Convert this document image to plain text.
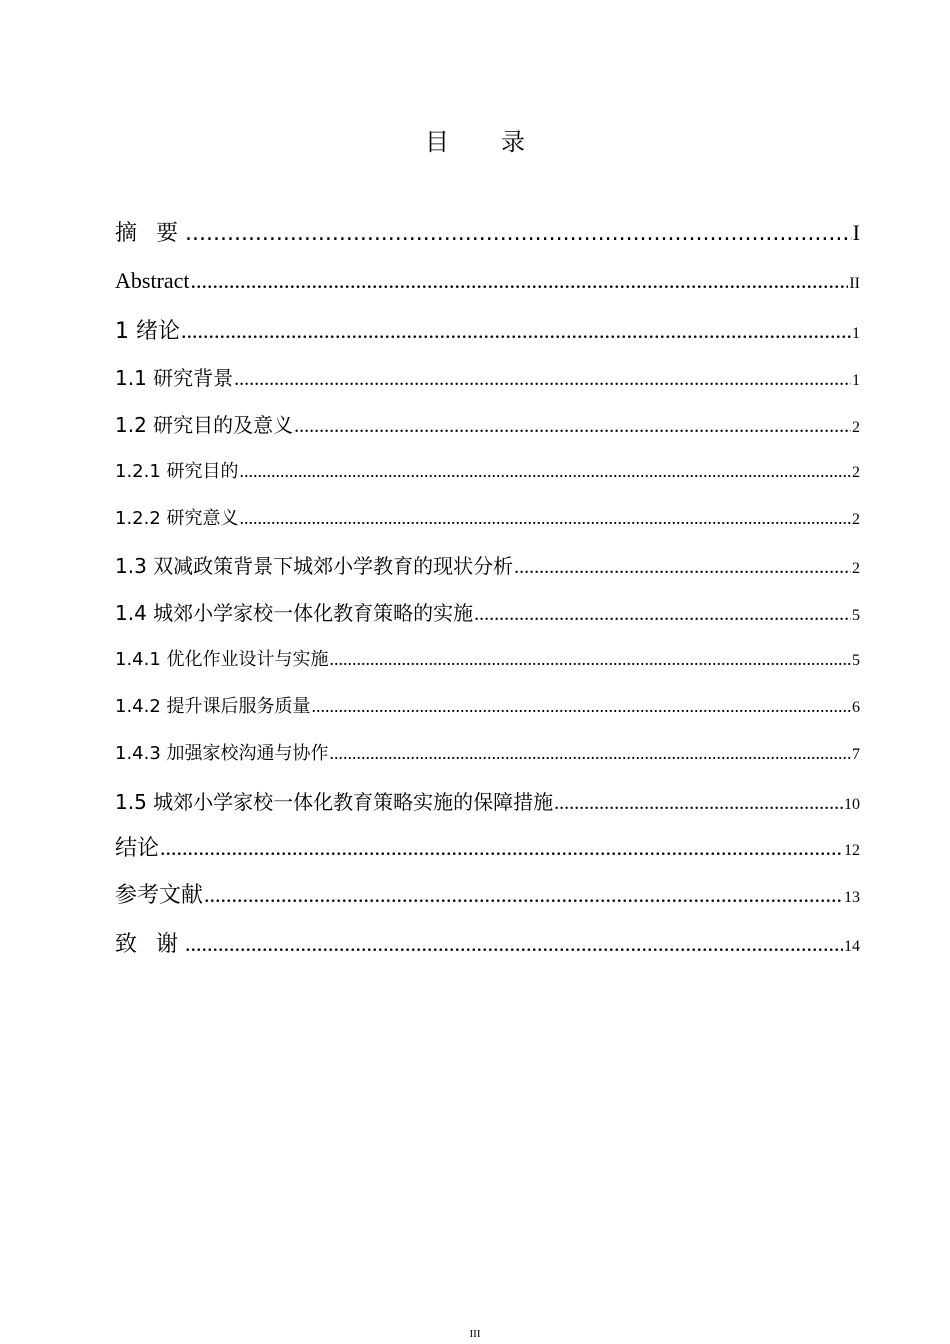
目　录
摘 要 .....	I
Abstract .....	II
1 绪论 .....	1
1.1 研究背景 .....	1
1.2 研究目的及意义 .....	2
1.2.1 研究目的 .....	2
1.2.2 研究意义 .....	2
1.3 双减政策背景下城郊小学教育的现状分析 .....	2
1.4 城郊小学家校一体化教育策略的实施 .....	5
1.4.1 优化作业设计与实施 .....	5
1.4.2 提升课后服务质量 .....	6
1.4.3 加强家校沟通与协作 .....	7
1.5 城郊小学家校一体化教育策略实施的保障措施 .....	10
结论 .....	12
参考文献 .....	13
致 谢 .....	14
III
